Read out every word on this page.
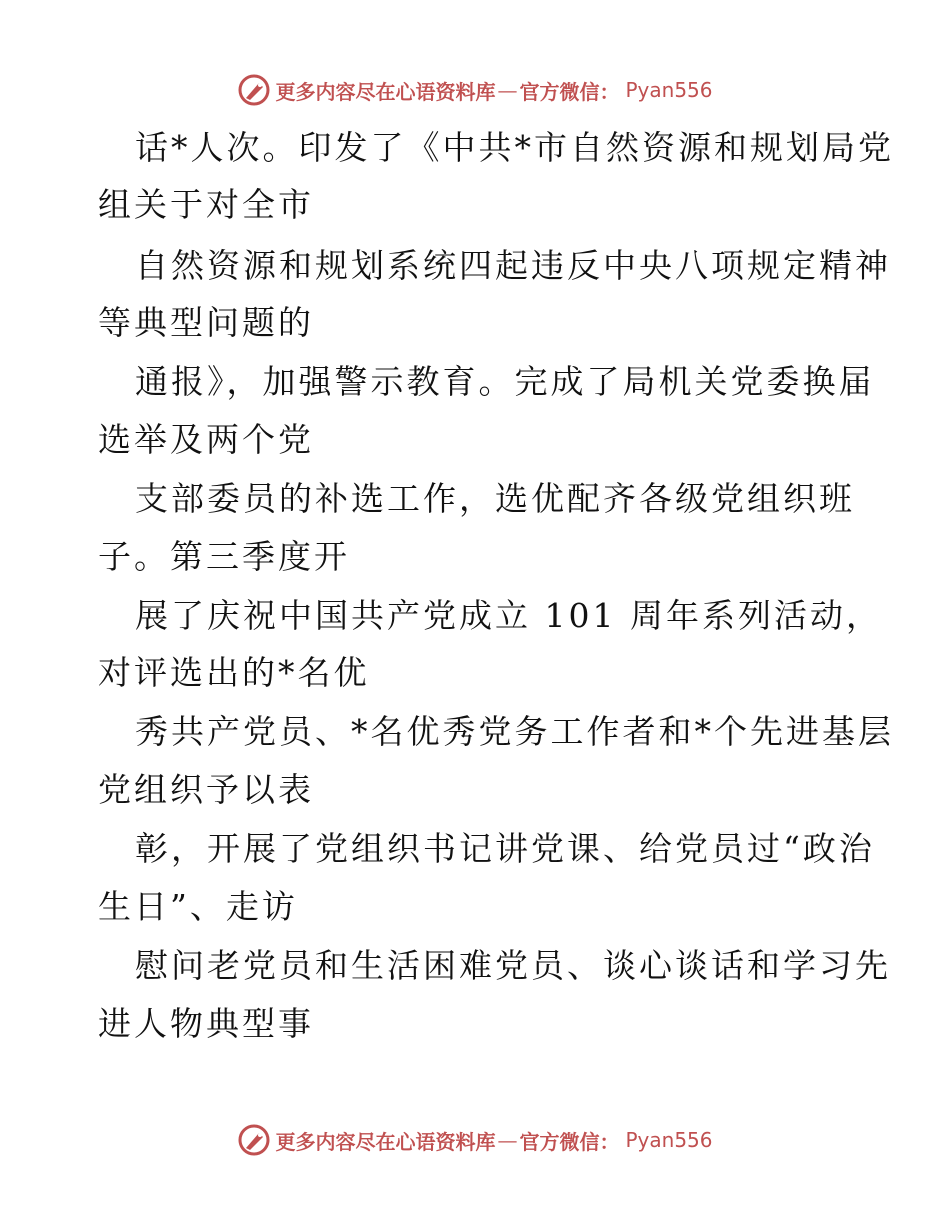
更多内容尽在心语资料库 — 官方微信： Pyan556
话*人次。印发了《中共*市自然资源和规划局党
组关于对全市
自然资源和规划系统四起违反中央八项规定精神
等典型问题的
通报》，加强警示教育。完成了局机关党委换届
选举及两个党
支部委员的补选工作，选优配齐各级党组织班
子。第三季度开
展了庆祝中国共产党成立 101 周年系列活动，
对评选出的*名优
秀共产党员、*名优秀党务工作者和*个先进基层
党组织予以表
彰，开展了党组织书记讲党课、给党员过“政治
生日”、走访
慰问老党员和生活困难党员、谈心谈话和学习先
进人物典型事
更多内容尽在心语资料库 — 官方微信： Pyan556
